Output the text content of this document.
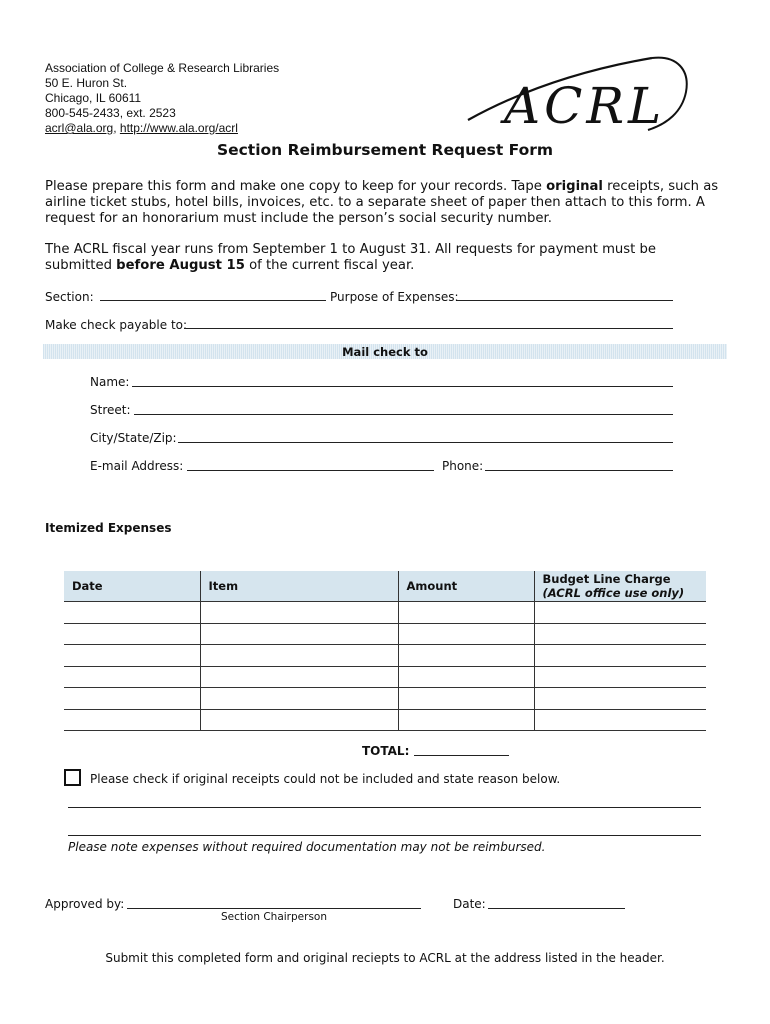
Association of College & Research Libraries
50 E. Huron St.
Chicago, IL 60611
800-545-2433, ext. 2523
acrl@ala.org, http://www.ala.org/acrl	ACRL
Section Reimbursement Request Form
Please prepare this form and make one copy to keep for your records. Tape original receipts, such as airline ticket stubs, hotel bills, invoices, etc. to a separate sheet of paper then attach to this form. A request for an honorarium must include the person’s social security number.
The ACRL fiscal year runs from September 1 to August 31. All requests for payment must be submitted before August 15 of the current fiscal year.
Section:	Purpose of Expenses:
Make check payable to:
Mail check to
Name:
Street:
City/State/Zip:
E-mail Address:	Phone:
Itemized Expenses
Date	Item	Amount	Budget Line Charge
(ACRL office use only)

TOTAL:
Please check if original receipts could not be included and state reason below.
Please note expenses without required documentation may not be reimbursed.
Approved by:
Section Chairperson
Date:
Submit this completed form and original reciepts to ACRL at the address listed in the header.
